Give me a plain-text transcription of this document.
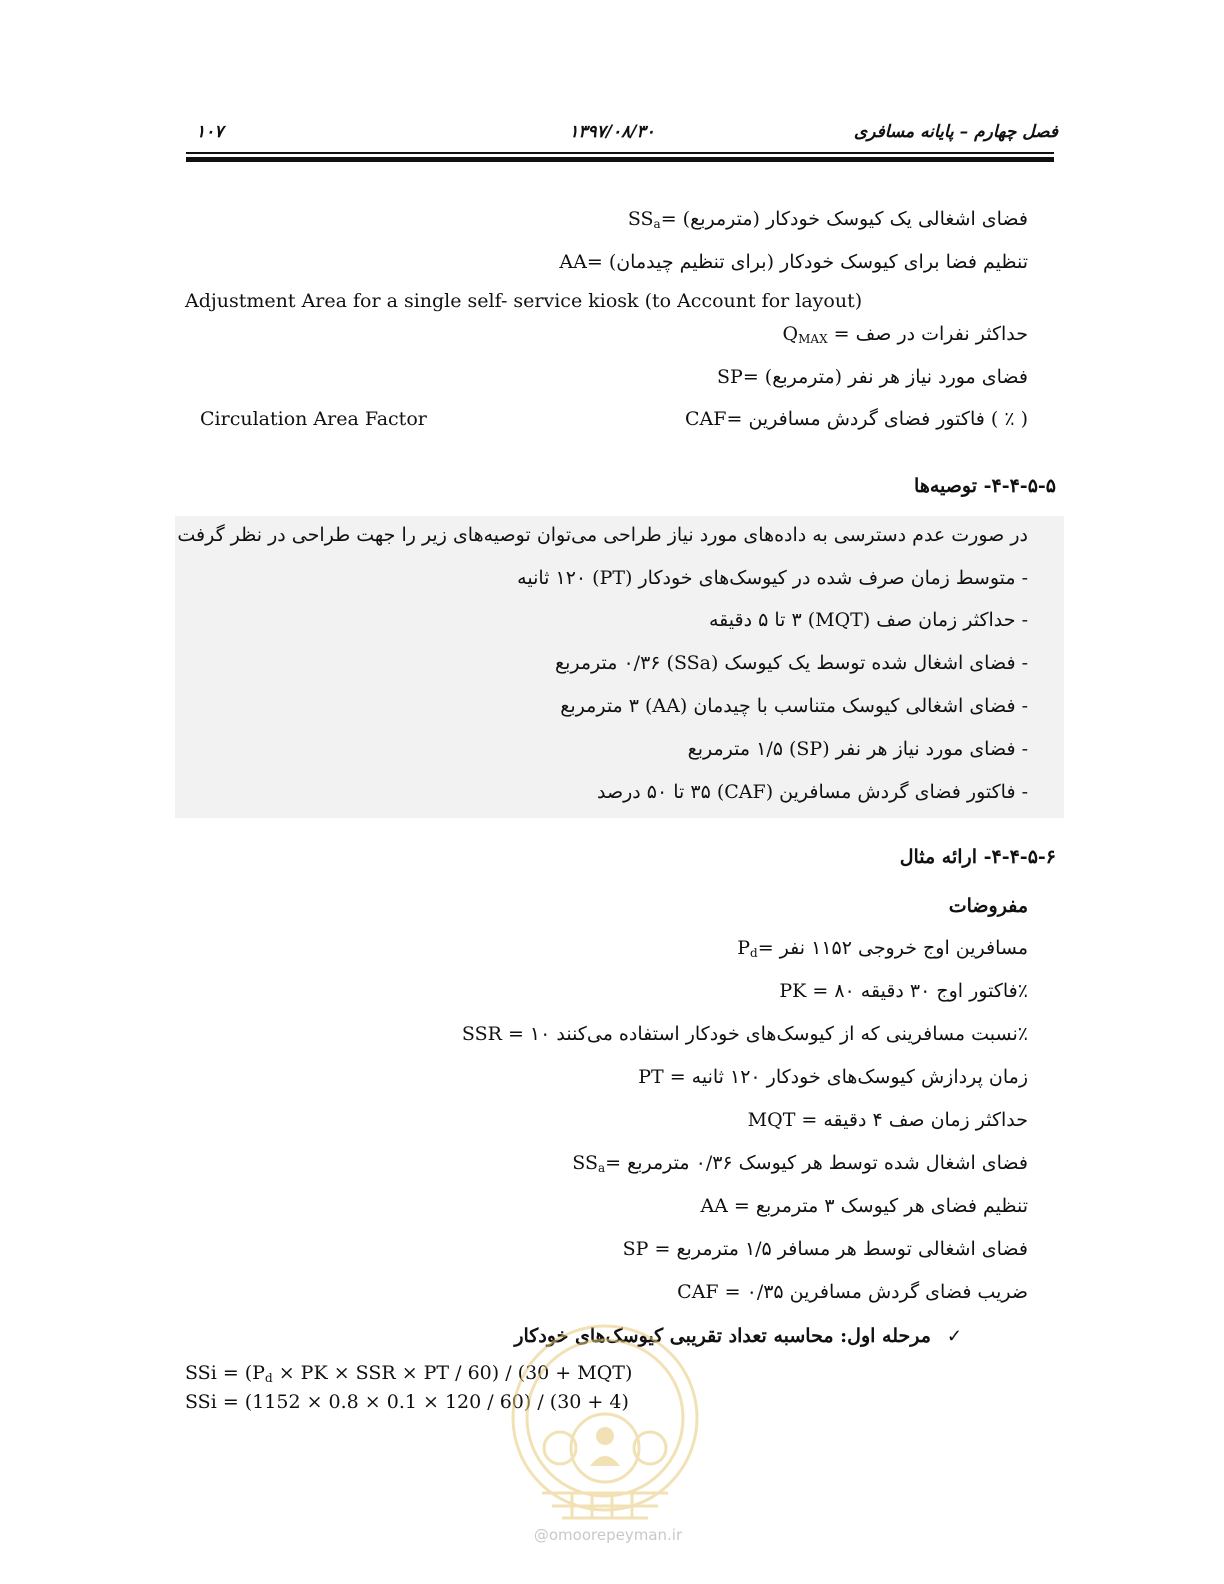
فصل چهارم – پایانه مسافری
۱۳۹۷/۰۸/۳۰
۱۰۷
$SS_a=$ فضای اشغالی یک کیوسک خودکار (مترمربع)
AA= تنظیم فضا برای کیوسک خودکار (برای تنظیم چیدمان)
Adjustment Area for a single self- service kiosk (to Account for layout)
$Q_{MAX}$ = حداکثر نفرات در صف
SP= فضای مورد نیاز هر نفر (مترمربع)
CAF= فاکتور فضای گردش مسافرین ( ٪ )
Circulation Area Factor
۴-۴-۵-۵- توصیه‌ها
در صورت عدم دسترسی به داده‌های مورد نیاز طراحی می‌توان توصیه‌های زیر را جهت طراحی در نظر گرفت
- متوسط زمان صرف شده در کیوسک‌های خودکار (PT) ۱۲۰ ثانیه
- حداکثر زمان صف (MQT) ۳ تا ۵ دقیقه
- فضای اشغال شده توسط یک کیوسک (SSa) ۰/۳۶ مترمربع
- فضای اشغالی کیوسک متناسب با چیدمان (AA) ۳ مترمربع
- فضای مورد نیاز هر نفر (SP) ۱/۵ مترمربع
- فاکتور فضای گردش مسافرین (CAF) ۳۵ تا ۵۰ درصد
۴-۴-۵-۶- ارائه مثال
مفروضات
$P_d=$ مسافرین اوج خروجی ۱۱۵۲ نفر
PK = فاکتور اوج ۳۰ دقیقه ۸۰٪
SSR = نسبت مسافرینی که از کیوسک‌های خودکار استفاده می‌کنند ۱۰٪
PT = زمان پردازش کیوسک‌های خودکار ۱۲۰ ثانیه
MQT = حداکثر زمان صف ۴ دقیقه
$SS_a=$ فضای اشغال شده توسط هر کیوسک ۰/۳۶ مترمربع
AA = تنظیم فضای هر کیوسک ۳ مترمربع
SP = فضای اشغالی توسط هر مسافر ۱/۵ مترمربع
CAF = ضریب فضای گردش مسافرین ۰/۳۵
✓مرحله اول: محاسبه تعداد تقریبی کیوسک‌های خودکار
SSi = ($P_d$ × PK × SSR × PT / 60) / (30 + MQT)
SSi = (1152 × 0.8 × 0.1 × 120 / 60) / (30 + 4)
@omoorepeyman.ir
